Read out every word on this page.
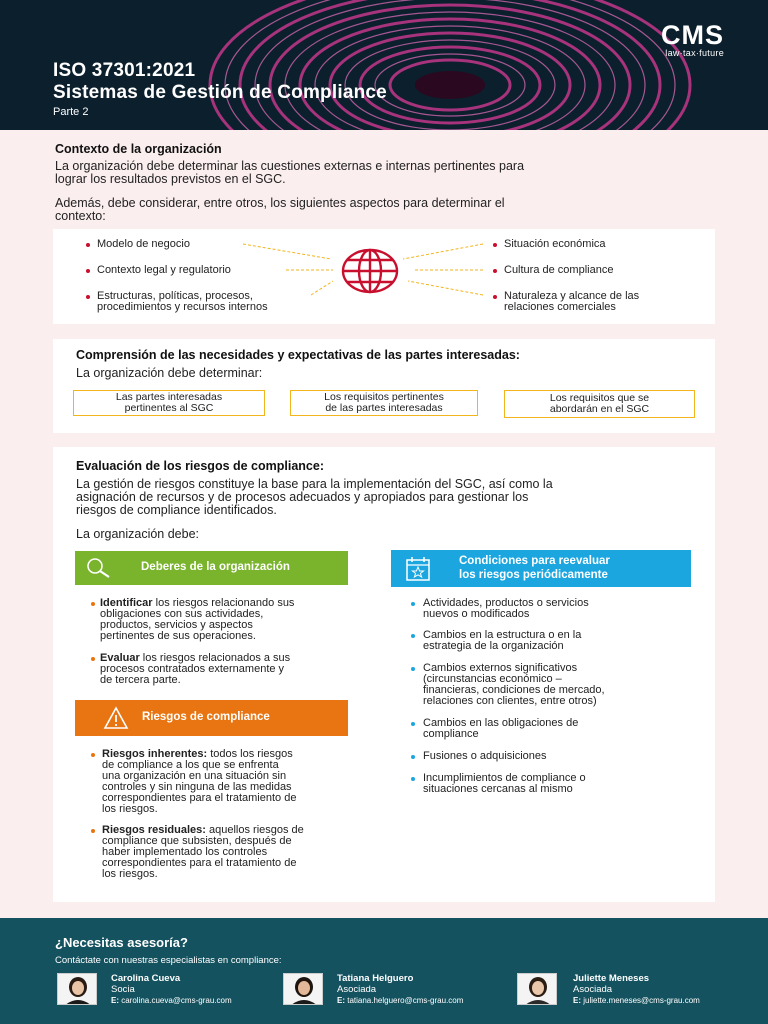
ISO 37301:2021
Sistemas de Gestión de Compliance
Parte 2
CMS
law·tax·future
Contexto de la organización
La organización debe determinar las cuestiones externas e internas pertinentes para
lograr los resultados previstos en el SGC.
Además, debe considerar, entre otros, los siguientes aspectos para determinar el
contexto:
Modelo de negocio
Contexto legal y regulatorio
Estructuras, políticas, procesos,
procedimientos y recursos internos
Situación económica
Cultura de compliance
Naturaleza y alcance de las
relaciones comerciales
Comprensión de las necesidades y expectativas de las partes interesadas:
La organización debe determinar:
Las partes interesadas
pertinentes al SGC
Los requisitos pertinentes
de las partes interesadas
Los requisitos que se
abordarán en el SGC
Evaluación de los riesgos de compliance:
La gestión de riesgos constituye la base para la implementación del SGC, así como la
asignación de recursos y de procesos adecuados y apropiados para gestionar los
riesgos de compliance identificados.
La organización debe:
Deberes de la organización
Identificar los riesgos relacionando sus
obligaciones con sus actividades,
productos, servicios y aspectos
pertinentes de sus operaciones.
Evaluar los riesgos relacionados a sus
procesos contratados externamente y
de tercera parte.
Riesgos de compliance
Riesgos inherentes: todos los riesgos
de compliance a los que se enfrenta
una organización en una situación sin
controles y sin ninguna de las medidas
correspondientes para el tratamiento de
los riesgos.
Riesgos residuales: aquellos riesgos de
compliance que subsisten, después de
haber implementado los controles
correspondientes para el tratamiento de
los riesgos.
Condiciones para reevaluar
los riesgos periódicamente
Actividades, productos o servicios
nuevos o modificados
Cambios en la estructura o en la
estrategia de la organización
Cambios externos significativos
(circunstancias económico –
financieras, condiciones de mercado,
relaciones con clientes, entre otros)
Cambios en las obligaciones de
compliance
Fusiones o adquisiciones
Incumplimientos de compliance o
situaciones cercanas al mismo
¿Necesitas asesoría?
Contáctate con nuestras especialistas en compliance:
Carolina Cueva
Socia
E: carolina.cueva@cms-grau.com
Tatiana Helguero
Asociada
E: tatiana.helguero@cms-grau.com
Juliette Meneses
Asociada
E: juliette.meneses@cms-grau.com
